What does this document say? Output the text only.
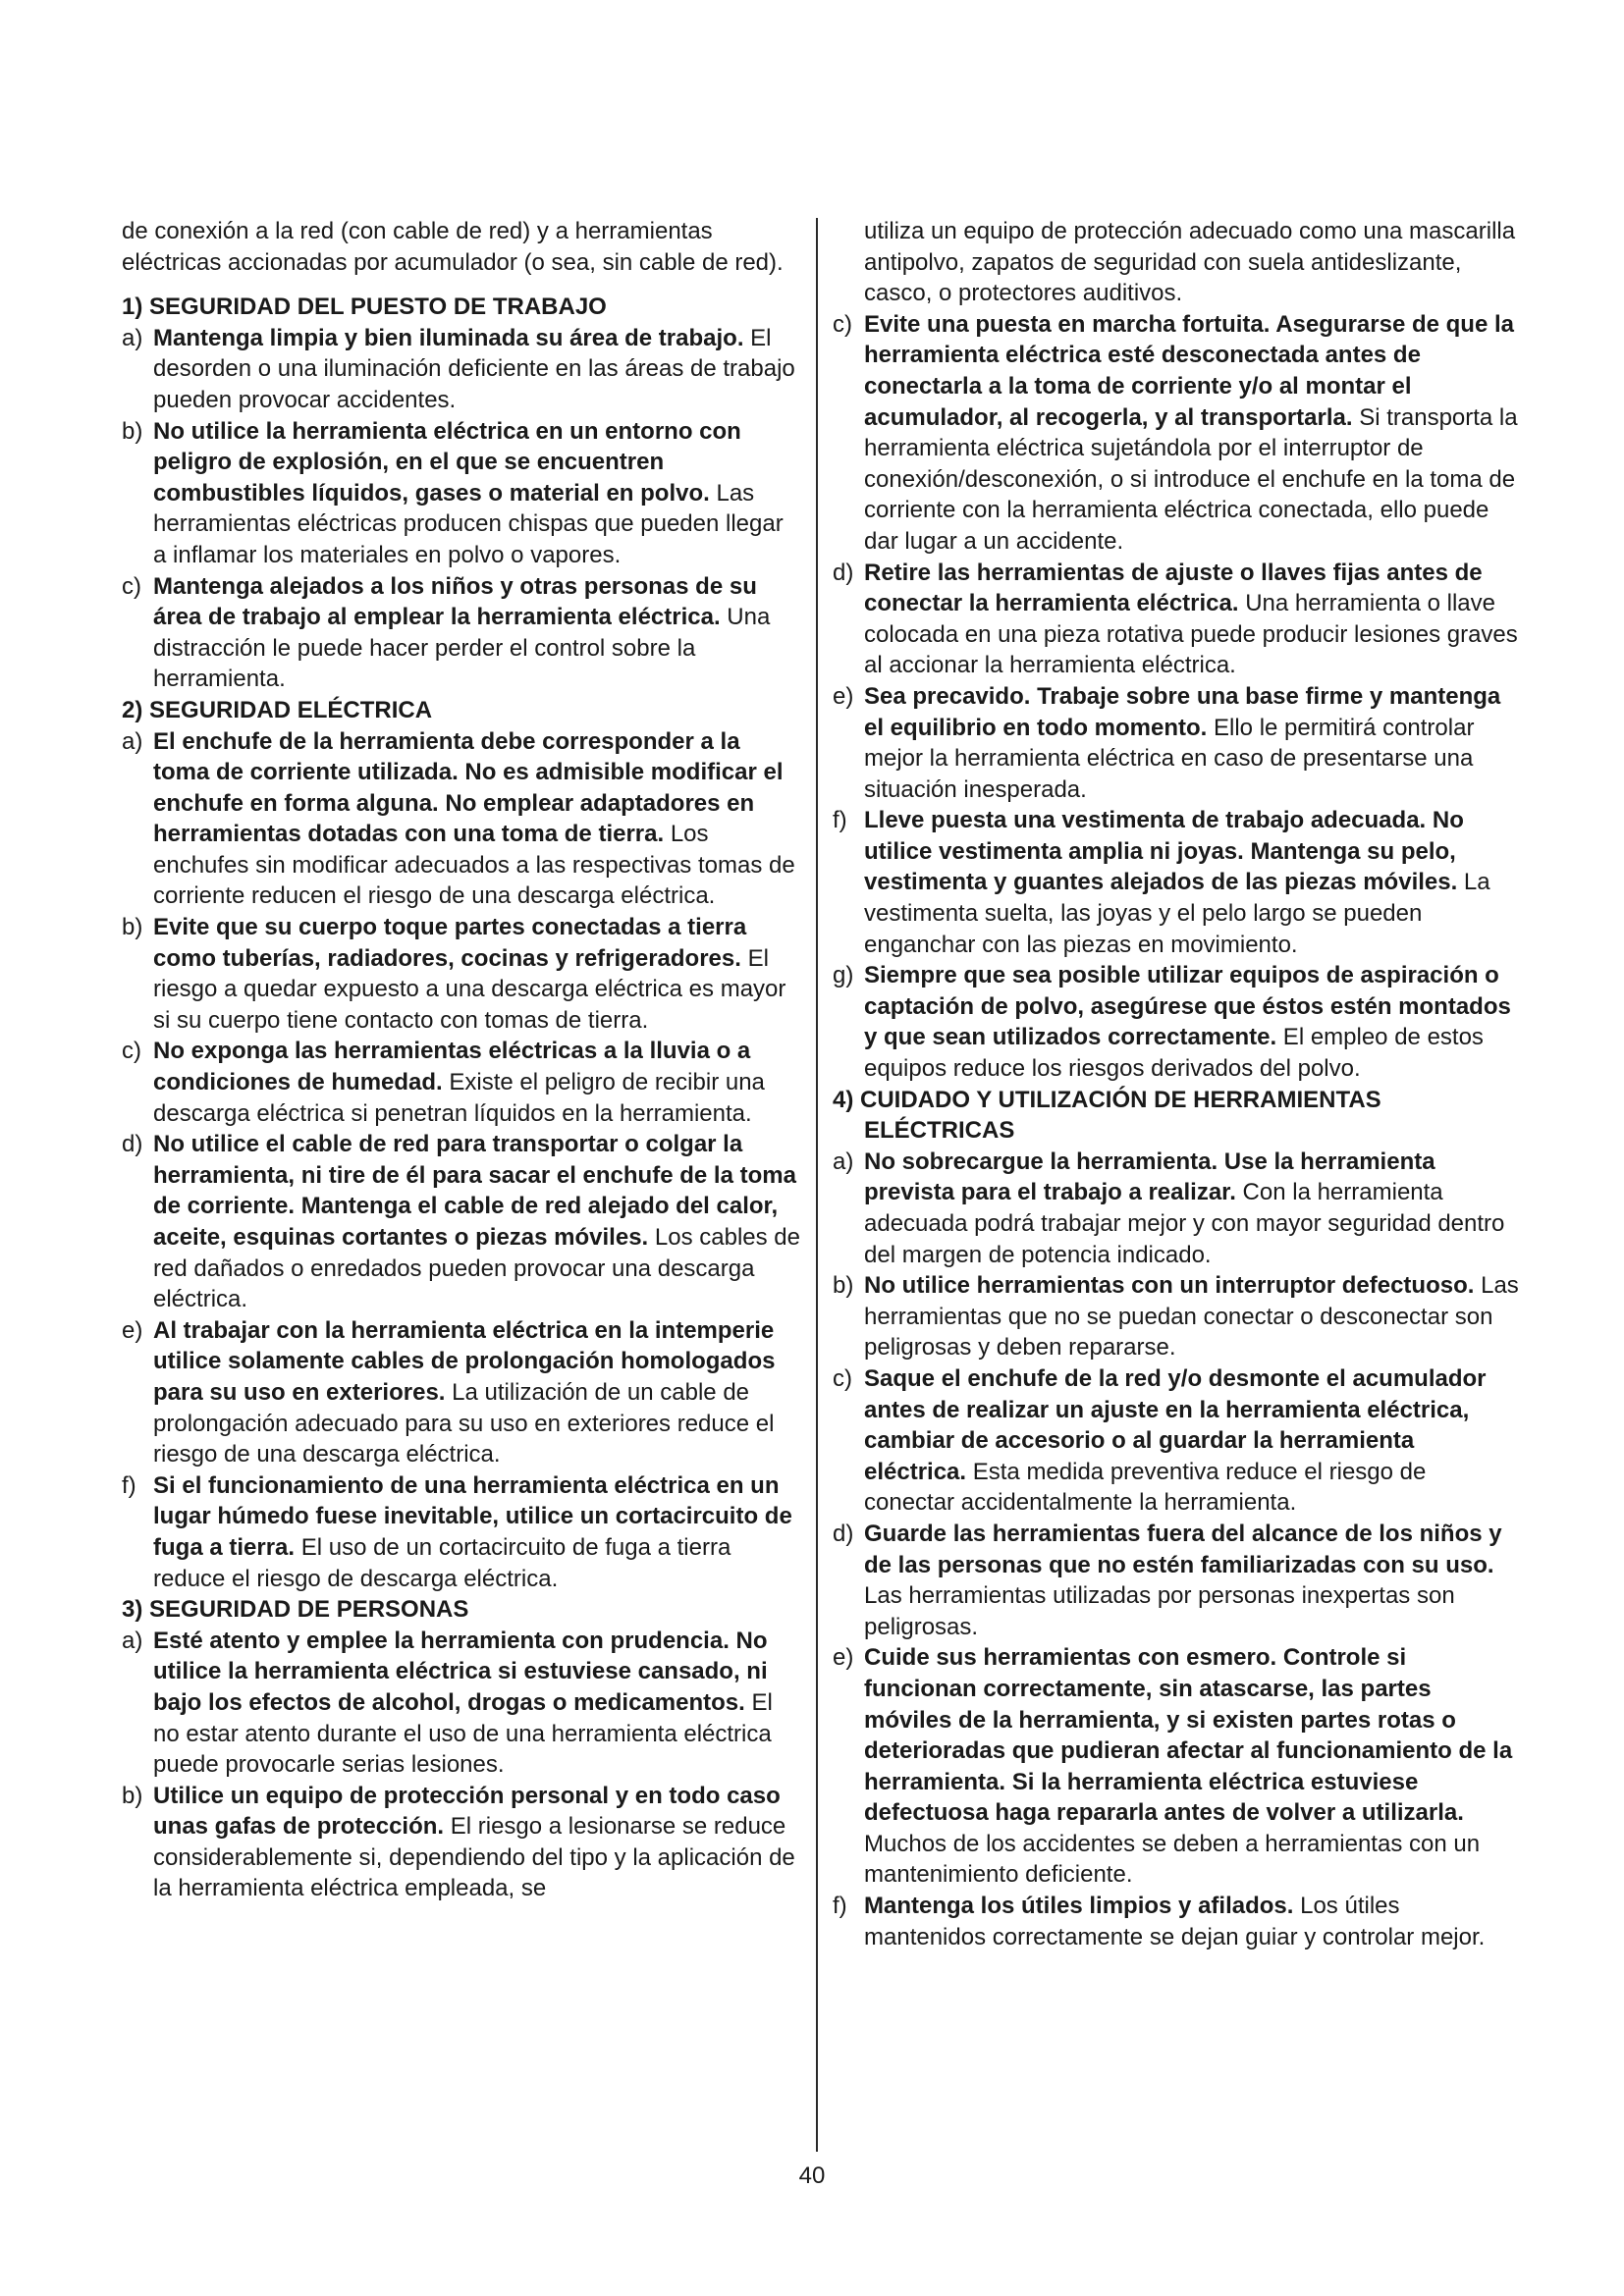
de conexión a la red (con cable de red) y a herramientas eléctricas accionadas por acumulador (o sea, sin cable de red).

1) SEGURIDAD DEL PUESTO DE TRABAJO

a) Mantenga limpia y bien iluminada su área de trabajo. El desorden o una iluminación deficiente en las áreas de trabajo pueden provocar accidentes.
b) No utilice la herramienta eléctrica en un entorno con peligro de explosión, en el que se encuentren combustibles líquidos, gases o material en polvo. Las herramientas eléctricas producen chispas que pueden llegar a inflamar los materiales en polvo o vapores.
c) Mantenga alejados a los niños y otras personas de su área de trabajo al emplear la herramienta eléctrica. Una distracción le puede hacer perder el control sobre la herramienta.

2) SEGURIDAD ELÉCTRICA

a) El enchufe de la herramienta debe corresponder a la toma de corriente utilizada. No es admisible modificar el enchufe en forma alguna. No emplear adaptadores en herramientas dotadas con una toma de tierra. Los enchufes sin modificar adecuados a las respectivas tomas de corriente reducen el riesgo de una descarga eléctrica.
b) Evite que su cuerpo toque partes conectadas a tierra como tuberías, radiadores, cocinas y refrigeradores. El riesgo a quedar expuesto a una descarga eléctrica es mayor si su cuerpo tiene contacto con tomas de tierra.
c) No exponga las herramientas eléctricas a la lluvia o a condiciones de humedad. Existe el peligro de recibir una descarga eléctrica si penetran líquidos en la herramienta.
d) No utilice el cable de red para transportar o colgar la herramienta, ni tire de él para sacar el enchufe de la toma de corriente. Mantenga el cable de red alejado del calor, aceite, esquinas cortantes o piezas móviles. Los cables de red dañados o enredados pueden provocar una descarga eléctrica.
e) Al trabajar con la herramienta eléctrica en la intemperie utilice solamente cables de prolongación homologados para su uso en exteriores. La utilización de un cable de prolongación adecuado para su uso en exteriores reduce el riesgo de una descarga eléctrica.
f) Si el funcionamiento de una herramienta eléctrica en un lugar húmedo fuese inevitable, utilice un cortacircuito de fuga a tierra. El uso de un cortacircuito de fuga a tierra reduce el riesgo de descarga eléctrica.

3) SEGURIDAD DE PERSONAS

a) Esté atento y emplee la herramienta con prudencia. No utilice la herramienta eléctrica si estuviese cansado, ni bajo los efectos de alcohol, drogas o medicamentos. El no estar atento durante el uso de una herramienta eléctrica puede provocarle serias lesiones.
b) Utilice un equipo de protección personal y en todo caso unas gafas de protección. El riesgo a lesionarse se reduce considerablemente si, dependiendo del tipo y la aplicación de la herramienta eléctrica empleada, se

utiliza un equipo de protección adecuado como una mascarilla antipolvo, zapatos de seguridad con suela antideslizante, casco, o protectores auditivos.

c) Evite una puesta en marcha fortuita. Asegurarse de que la herramienta eléctrica esté desconectada antes de conectarla a la toma de corriente y/o al montar el acumulador, al recogerla, y al transportarla. Si transporta la herramienta eléctrica sujetándola por el interruptor de conexión/desconexión, o si introduce el enchufe en la toma de corriente con la herramienta eléctrica conectada, ello puede dar lugar a un accidente.
d) Retire las herramientas de ajuste o llaves fijas antes de conectar la herramienta eléctrica. Una herramienta o llave colocada en una pieza rotativa puede producir lesiones graves al accionar la herramienta eléctrica.
e) Sea precavido. Trabaje sobre una base firme y mantenga el equilibrio en todo momento. Ello le permitirá controlar mejor la herramienta eléctrica en caso de presentarse una situación inesperada.
f) Lleve puesta una vestimenta de trabajo adecuada. No utilice vestimenta amplia ni joyas. Mantenga su pelo, vestimenta y guantes alejados de las piezas móviles. La vestimenta suelta, las joyas y el pelo largo se pueden enganchar con las piezas en movimiento.
g) Siempre que sea posible utilizar equipos de aspiración o captación de polvo, asegúrese que éstos estén montados y que sean utilizados correctamente. El empleo de estos equipos reduce los riesgos derivados del polvo.

4) CUIDADO Y UTILIZACIÓN DE HERRAMIENTAS ELÉCTRICAS

a) No sobrecargue la herramienta. Use la herramienta prevista para el trabajo a realizar. Con la herramienta adecuada podrá trabajar mejor y con mayor seguridad dentro del margen de potencia indicado.
b) No utilice herramientas con un interruptor defectuoso. Las herramientas que no se puedan conectar o desconectar son peligrosas y deben repararse.
c) Saque el enchufe de la red y/o desmonte el acumulador antes de realizar un ajuste en la herramienta eléctrica, cambiar de accesorio o al guardar la herramienta eléctrica. Esta medida preventiva reduce el riesgo de conectar accidentalmente la herramienta.
d) Guarde las herramientas fuera del alcance de los niños y de las personas que no estén familiarizadas con su uso. Las herramientas utilizadas por personas inexpertas son peligrosas.
e) Cuide sus herramientas con esmero. Controle si funcionan correctamente, sin atascarse, las partes móviles de la herramienta, y si existen partes rotas o deterioradas que pudieran afectar al funcionamiento de la herramienta. Si la herramienta eléctrica estuviese defectuosa haga repararla antes de volver a utilizarla. Muchos de los accidentes se deben a herramientas con un mantenimiento deficiente.
f) Mantenga los útiles limpios y afilados. Los útiles mantenidos correctamente se dejan guiar y controlar mejor.
40
